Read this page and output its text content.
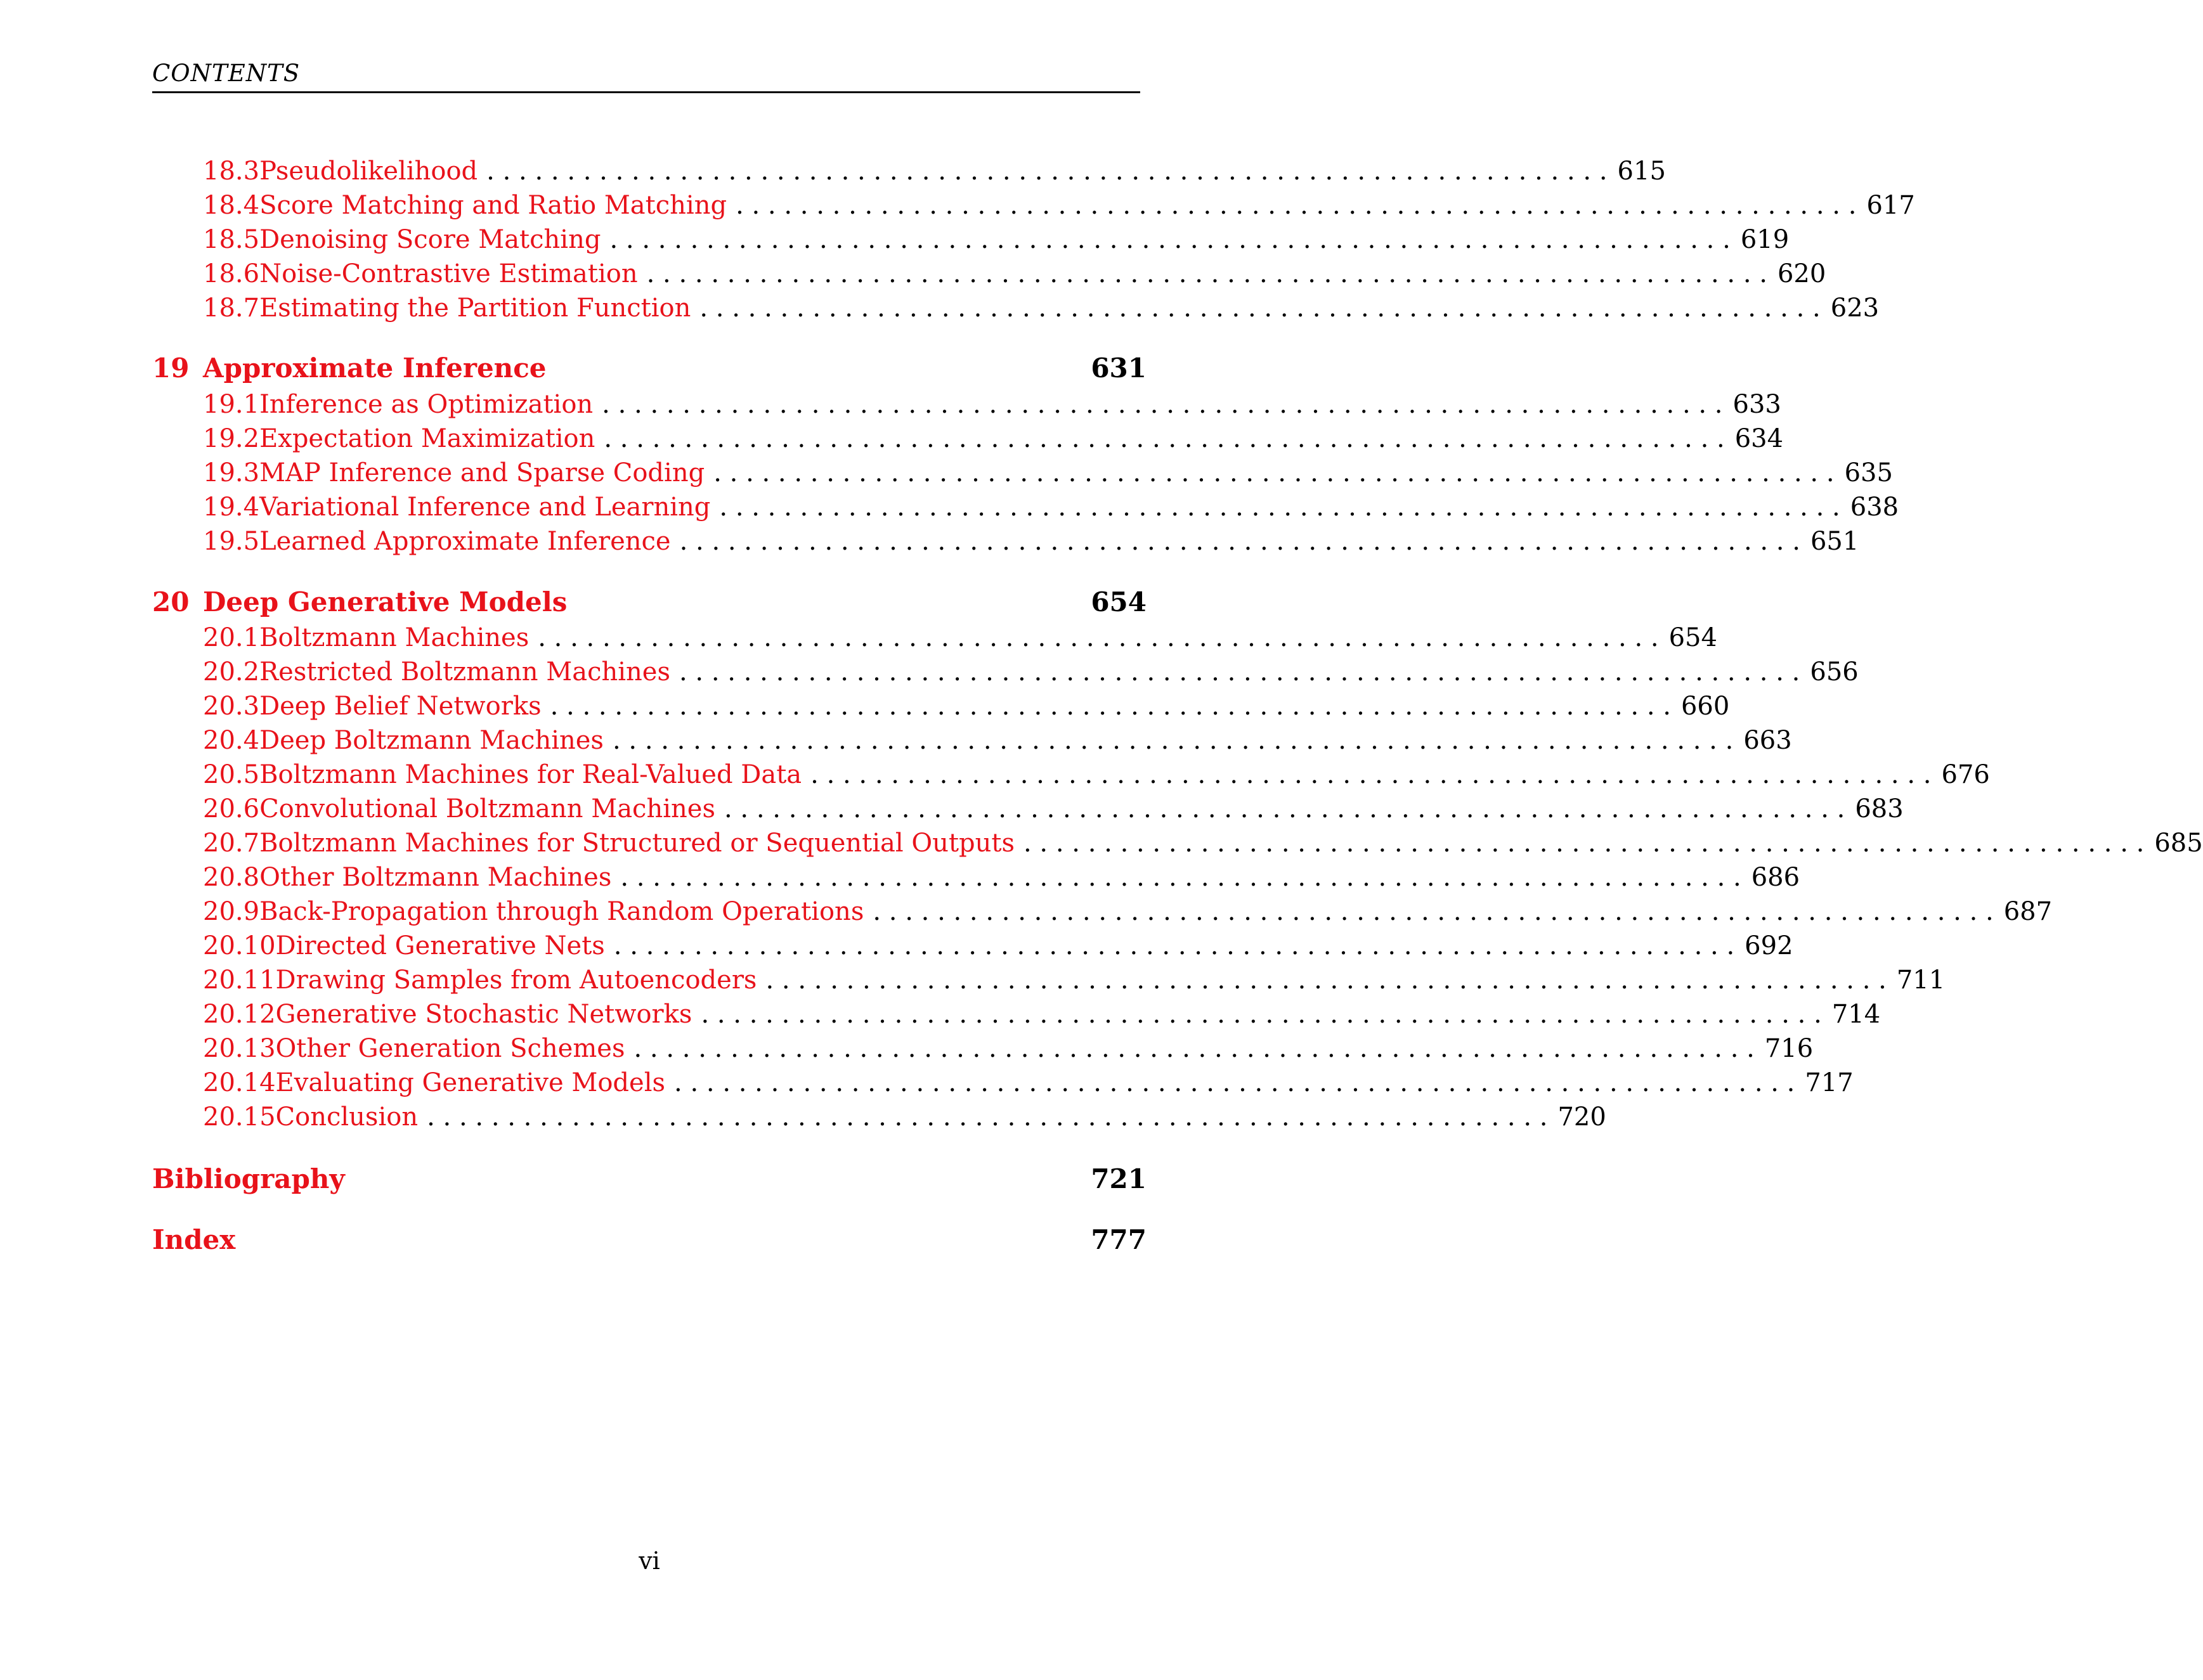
CONTENTS
18.3 Pseudolikelihood . . . . . . . . . . . . . . . . . . . . . . . . . . . . . . . . . . . . . . . . . . . . . . . . . . . . . . . . . . . . . . . . . . . . . . 615
18.4 Score Matching and Ratio Matching . . . . . . . . . . . . . . . . . . . . . . . . . . . . . . . . . . . . . . . . . . . . . . . . . . . . . . . . . . . . . . . . . . . . . . 617
18.5 Denoising Score Matching . . . . . . . . . . . . . . . . . . . . . . . . . . . . . . . . . . . . . . . . . . . . . . . . . . . . . . . . . . . . . . . . . . . . . . 619
18.6 Noise-Contrastive Estimation . . . . . . . . . . . . . . . . . . . . . . . . . . . . . . . . . . . . . . . . . . . . . . . . . . . . . . . . . . . . . . . . . . . . . . 620
18.7 Estimating the Partition Function . . . . . . . . . . . . . . . . . . . . . . . . . . . . . . . . . . . . . . . . . . . . . . . . . . . . . . . . . . . . . . . . . . . . . . 623
19 Approximate Inference	631
19.1 Inference as Optimization . . . . . . . . . . . . . . . . . . . . . . . . . . . . . . . . . . . . . . . . . . . . . . . . . . . . . . . . . . . . . . . . . . . . . . 633
19.2 Expectation Maximization . . . . . . . . . . . . . . . . . . . . . . . . . . . . . . . . . . . . . . . . . . . . . . . . . . . . . . . . . . . . . . . . . . . . . . 634
19.3 MAP Inference and Sparse Coding . . . . . . . . . . . . . . . . . . . . . . . . . . . . . . . . . . . . . . . . . . . . . . . . . . . . . . . . . . . . . . . . . . . . . . 635
19.4 Variational Inference and Learning . . . . . . . . . . . . . . . . . . . . . . . . . . . . . . . . . . . . . . . . . . . . . . . . . . . . . . . . . . . . . . . . . . . . . . 638
19.5 Learned Approximate Inference . . . . . . . . . . . . . . . . . . . . . . . . . . . . . . . . . . . . . . . . . . . . . . . . . . . . . . . . . . . . . . . . . . . . . . 651
20 Deep Generative Models	654
20.1 Boltzmann Machines . . . . . . . . . . . . . . . . . . . . . . . . . . . . . . . . . . . . . . . . . . . . . . . . . . . . . . . . . . . . . . . . . . . . . . 654
20.2 Restricted Boltzmann Machines . . . . . . . . . . . . . . . . . . . . . . . . . . . . . . . . . . . . . . . . . . . . . . . . . . . . . . . . . . . . . . . . . . . . . . 656
20.3 Deep Belief Networks . . . . . . . . . . . . . . . . . . . . . . . . . . . . . . . . . . . . . . . . . . . . . . . . . . . . . . . . . . . . . . . . . . . . . . 660
20.4 Deep Boltzmann Machines . . . . . . . . . . . . . . . . . . . . . . . . . . . . . . . . . . . . . . . . . . . . . . . . . . . . . . . . . . . . . . . . . . . . . . 663
20.5 Boltzmann Machines for Real-Valued Data . . . . . . . . . . . . . . . . . . . . . . . . . . . . . . . . . . . . . . . . . . . . . . . . . . . . . . . . . . . . . . . . . . . . . . 676
20.6 Convolutional Boltzmann Machines . . . . . . . . . . . . . . . . . . . . . . . . . . . . . . . . . . . . . . . . . . . . . . . . . . . . . . . . . . . . . . . . . . . . . . 683
20.7 Boltzmann Machines for Structured or Sequential Outputs . . . . . . . . . . . . . . . . . . . . . . . . . . . . . . . . . . . . . . . . . . . . . . . . . . . . . . . . . . . . . . . . . . . . . . 685
20.8 Other Boltzmann Machines . . . . . . . . . . . . . . . . . . . . . . . . . . . . . . . . . . . . . . . . . . . . . . . . . . . . . . . . . . . . . . . . . . . . . . 686
20.9 Back-Propagation through Random Operations . . . . . . . . . . . . . . . . . . . . . . . . . . . . . . . . . . . . . . . . . . . . . . . . . . . . . . . . . . . . . . . . . . . . . . 687
20.10 Directed Generative Nets . . . . . . . . . . . . . . . . . . . . . . . . . . . . . . . . . . . . . . . . . . . . . . . . . . . . . . . . . . . . . . . . . . . . . . 692
20.11 Drawing Samples from Autoencoders . . . . . . . . . . . . . . . . . . . . . . . . . . . . . . . . . . . . . . . . . . . . . . . . . . . . . . . . . . . . . . . . . . . . . . 711
20.12 Generative Stochastic Networks . . . . . . . . . . . . . . . . . . . . . . . . . . . . . . . . . . . . . . . . . . . . . . . . . . . . . . . . . . . . . . . . . . . . . . 714
20.13 Other Generation Schemes . . . . . . . . . . . . . . . . . . . . . . . . . . . . . . . . . . . . . . . . . . . . . . . . . . . . . . . . . . . . . . . . . . . . . . 716
20.14 Evaluating Generative Models . . . . . . . . . . . . . . . . . . . . . . . . . . . . . . . . . . . . . . . . . . . . . . . . . . . . . . . . . . . . . . . . . . . . . . 717
20.15 Conclusion . . . . . . . . . . . . . . . . . . . . . . . . . . . . . . . . . . . . . . . . . . . . . . . . . . . . . . . . . . . . . . . . . . . . . . 720
Bibliography	721
Index	777
vi
